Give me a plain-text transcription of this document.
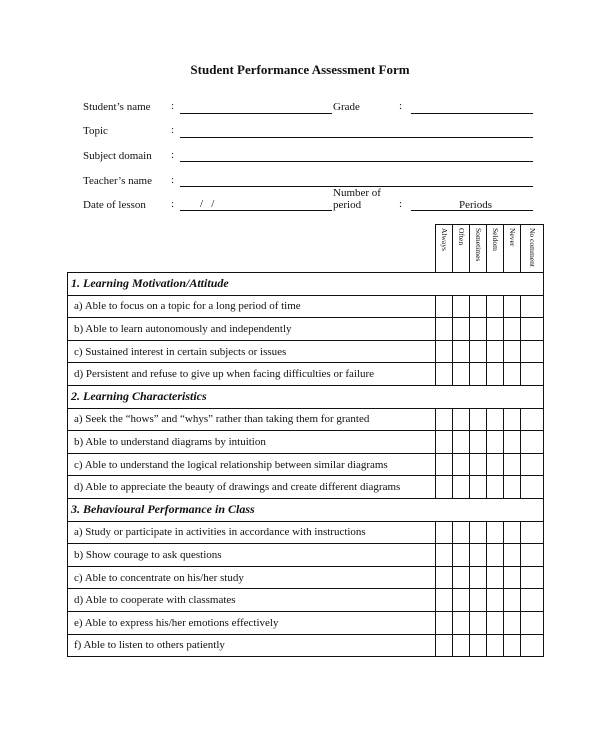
Student Performance Assessment Form
Student’s name :	Grade	:
Topic	:
Subject domain :
Teacher’s name :
Date of lesson : /   /
Number of
period	:	Periods

	Always	Often	Sometimes	Seldom	Never	No comment

1. Learning Motivation/Attitude						
a) Able to focus on a topic for a long period of time						
b) Able to learn autonomously and independently						
c) Sustained interest in certain subjects or issues						
d) Persistent and refuse to give up when facing difficulties or failure						
2. Learning Characteristics						
a) Seek the “hows” and “whys” rather than taking them for granted						
b) Able to understand diagrams by intuition						
c) Able to understand the logical relationship between similar diagrams						
d) Able to appreciate the beauty of drawings and create different diagrams						
3. Behavioural Performance in Class						
a) Study or participate in activities in accordance with instructions						
b) Show courage to ask questions						
c) Able to concentrate on his/her study						
d) Able to cooperate with classmates						
e) Able to express his/her emotions effectively						
f) Able to listen to others patiently						
